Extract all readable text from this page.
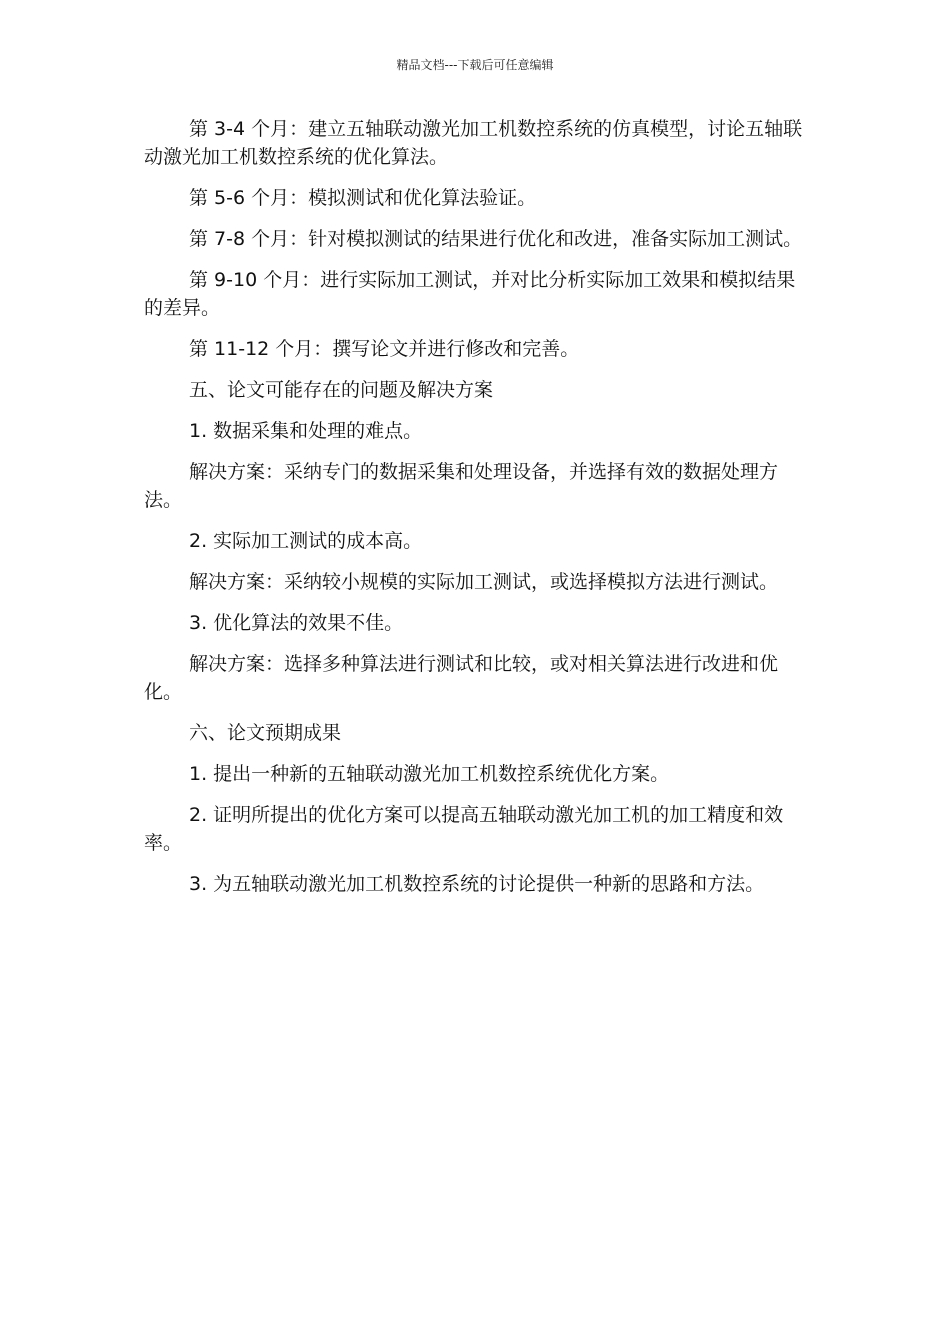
精品文档---下载后可任意编辑

第 3-4 个月：建立五轴联动激光加工机数控系统的仿真模型，讨论五轴联动激光加工机数控系统的优化算法。

第 5-6 个月：模拟测试和优化算法验证。

第 7-8 个月：针对模拟测试的结果进行优化和改进，准备实际加工测试。

第 9-10 个月：进行实际加工测试，并对比分析实际加工效果和模拟结果的差异。

第 11-12 个月：撰写论文并进行修改和完善。

五、论文可能存在的问题及解决方案

1. 数据采集和处理的难点。

解决方案：采纳专门的数据采集和处理设备，并选择有效的数据处理方法。

2. 实际加工测试的成本高。

解决方案：采纳较小规模的实际加工测试，或选择模拟方法进行测试。

3. 优化算法的效果不佳。

解决方案：选择多种算法进行测试和比较，或对相关算法进行改进和优化。

六、论文预期成果

1. 提出一种新的五轴联动激光加工机数控系统优化方案。

2. 证明所提出的优化方案可以提高五轴联动激光加工机的加工精度和效率。

3. 为五轴联动激光加工机数控系统的讨论提供一种新的思路和方法。
